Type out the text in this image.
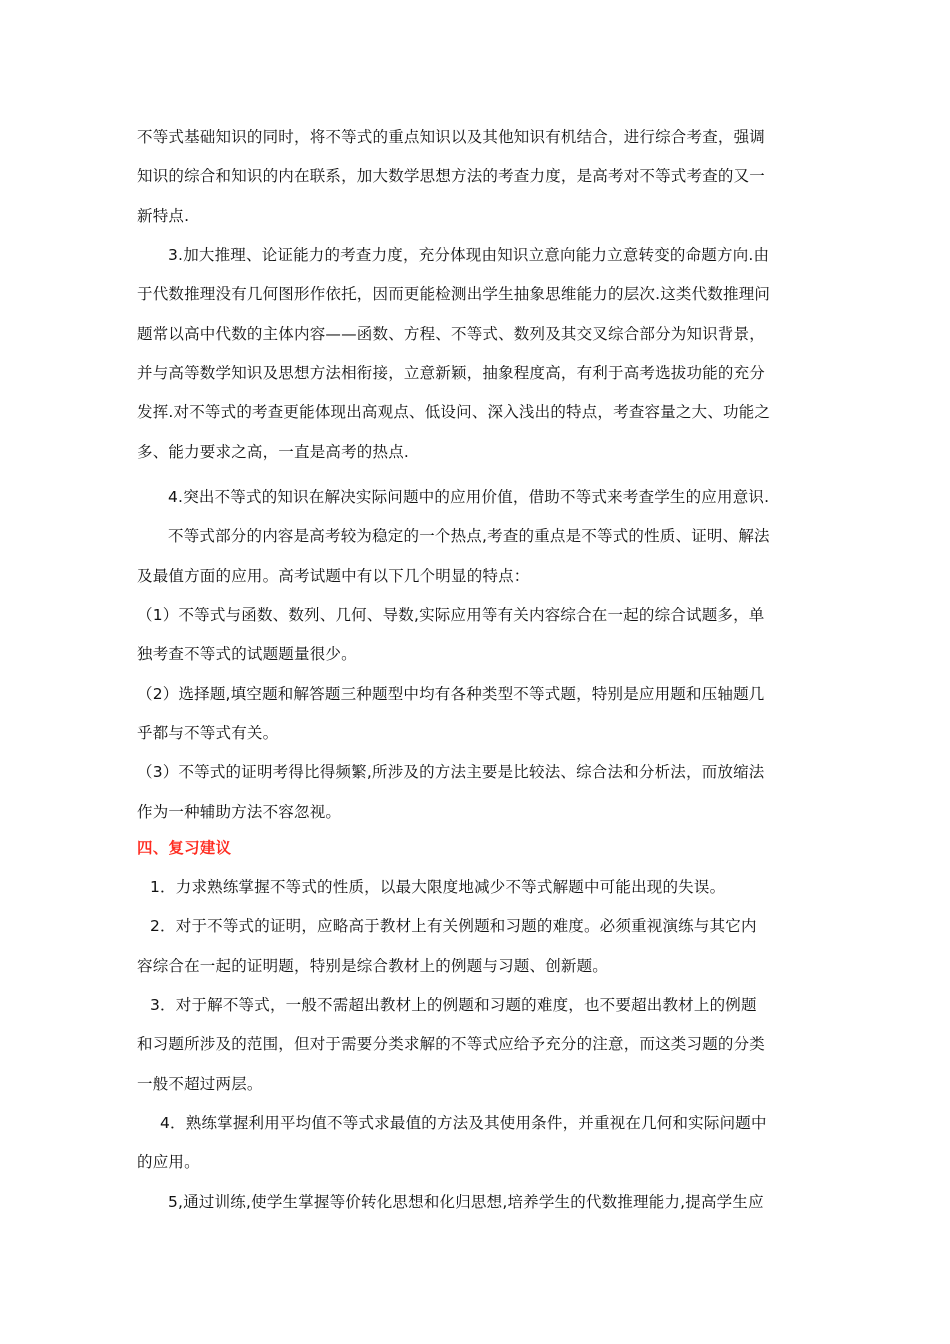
不等式基础知识的同时，将不等式的重点知识以及其他知识有机结合，进行综合考查，强调
知识的综合和知识的内在联系，加大数学思想方法的考查力度，是高考对不等式考查的又一
新特点.
3.加大推理、论证能力的考查力度，充分体现由知识立意向能力立意转变的命题方向.由
于代数推理没有几何图形作依托，因而更能检测出学生抽象思维能力的层次.这类代数推理问
题常以高中代数的主体内容——函数、方程、不等式、数列及其交叉综合部分为知识背景，
并与高等数学知识及思想方法相衔接，立意新颖，抽象程度高，有利于高考选拔功能的充分
发挥.对不等式的考查更能体现出高观点、低设问、深入浅出的特点，考查容量之大、功能之
多、能力要求之高，一直是高考的热点.
4.突出不等式的知识在解决实际问题中的应用价值，借助不等式来考查学生的应用意识.
不等式部分的内容是高考较为稳定的一个热点,考查的重点是不等式的性质、证明、解法
及最值方面的应用。高考试题中有以下几个明显的特点：
（1）不等式与函数、数列、几何、导数,实际应用等有关内容综合在一起的综合试题多，单
独考查不等式的试题题量很少。
（2）选择题,填空题和解答题三种题型中均有各种类型不等式题，特别是应用题和压轴题几
乎都与不等式有关。
（3）不等式的证明考得比得频繁,所涉及的方法主要是比较法、综合法和分析法，而放缩法
作为一种辅助方法不容忽视。
四、复习建议
1．力求熟练掌握不等式的性质，以最大限度地减少不等式解题中可能出现的失误。
2．对于不等式的证明，应略高于教材上有关例题和习题的难度。必须重视演练与其它内
容综合在一起的证明题，特别是综合教材上的例题与习题、创新题。
3．对于解不等式，一般不需超出教材上的例题和习题的难度，也不要超出教材上的例题
和习题所涉及的范围，但对于需要分类求解的不等式应给予充分的注意，而这类习题的分类
一般不超过两层。
4．熟练掌握利用平均值不等式求最值的方法及其使用条件，并重视在几何和实际问题中
的应用。
5,通过训练,使学生掌握等价转化思想和化归思想,培养学生的代数推理能力,提高学生应
